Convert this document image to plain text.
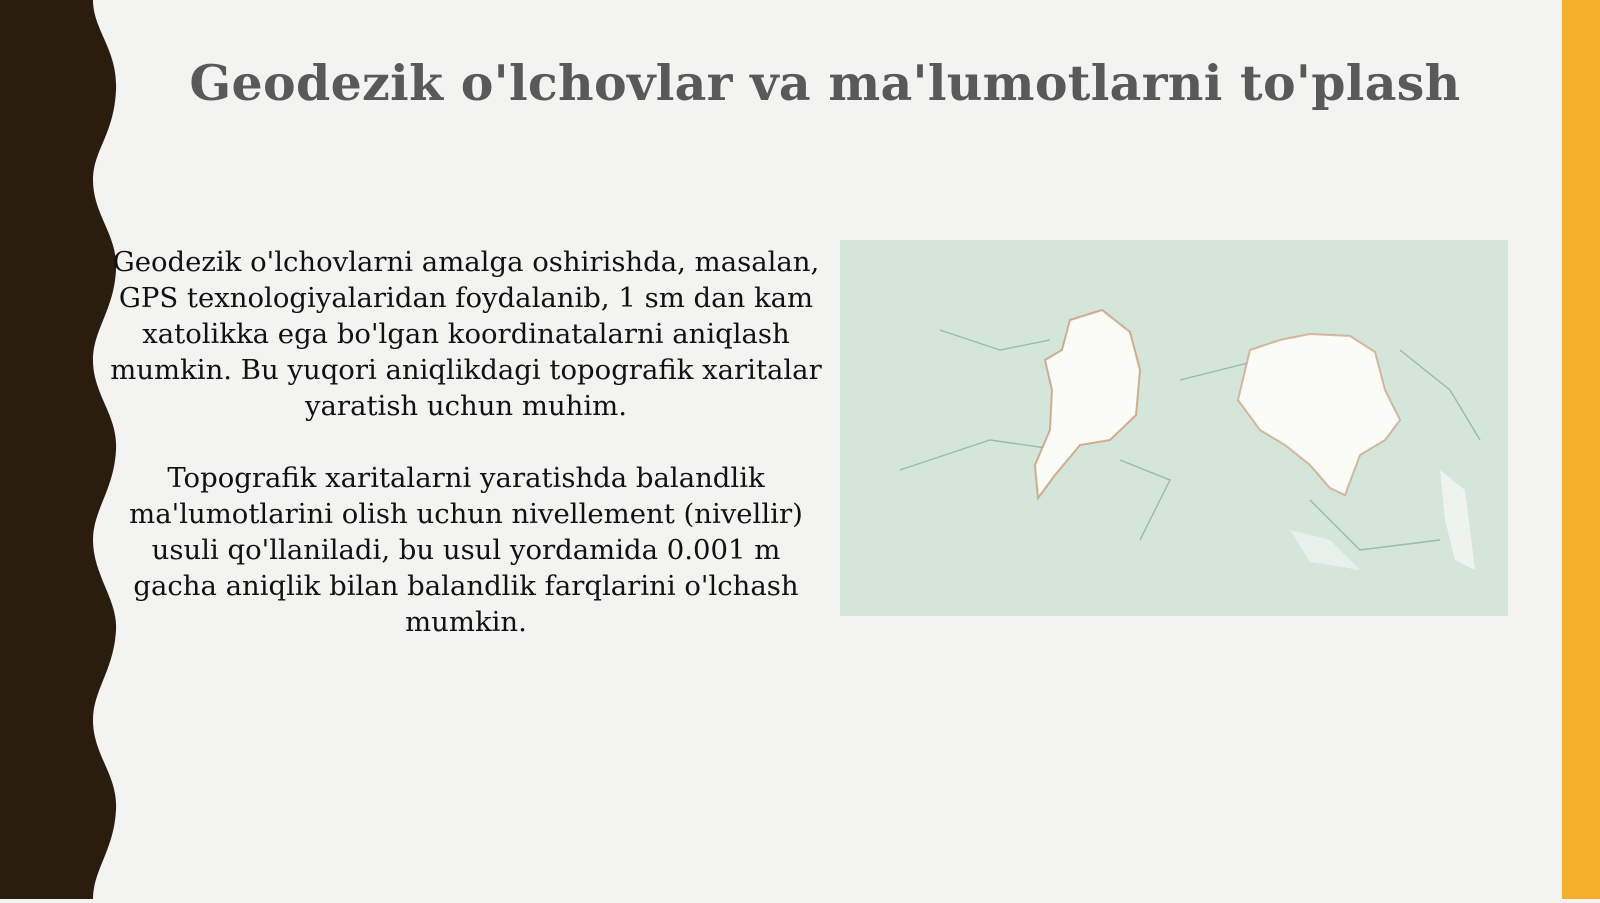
Geodezik o'lchovlar va ma'lumotlarni to'plash

Geodezik o'lchovlarni amalga oshirishda, masalan, GPS texnologiyalaridan foydalanib, 1 sm dan kam xatolikka ega bo'lgan koordinatalarni aniqlash mumkin. Bu yuqori aniqlikdagi topografik xaritalar yaratish uchun muhim.

Topografik xaritalarni yaratishda balandlik ma'lumotlarini olish uchun nivellement (nivellir) usuli qo'llaniladi, bu usul yordamida 0.001 m gacha aniqlik bilan balandlik farqlarini o'lchash mumkin.
